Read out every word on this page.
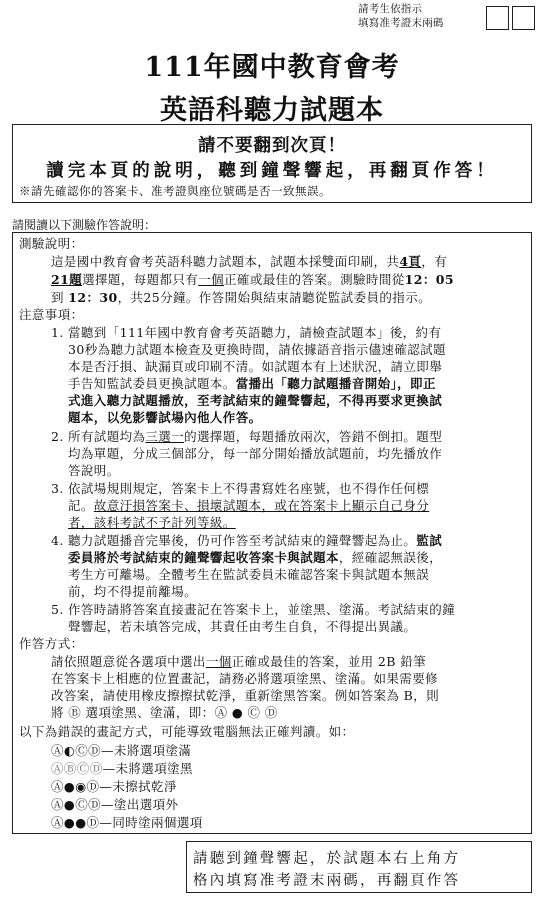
請考生依指示
填寫准考證末兩碼
111年國中教育會考
英語科聽力試題本
請不要翻到次頁！
讀完本頁的說明，聽到鐘聲響起，再翻頁作答！
※請先確認你的答案卡、准考證與座位號碼是否一致無誤。
請閱讀以下測驗作答說明：
測驗說明：
這是國中教育會考英語科聽力試題本，試題本採雙面印刷，共4頁，有
21題選擇題，每題都只有一個正確或最佳的答案。測驗時間從12：05
到 12：30，共25分鐘。作答開始與結束請聽從監試委員的指示。
注意事項：
1. 當聽到「111年國中教育會考英語聽力，請檢查試題本」後，約有
30秒為聽力試題本檢查及更換時間，請依據語音指示儘速確認試題
本是否汙損、缺漏頁或印刷不清。如試題本有上述狀況，請立即舉
手告知監試委員更換試題本。當播出「聽力試題播音開始」，即正
式進入聽力試題播放，至考試結束的鐘聲響起，不得再要求更換試
題本，以免影響試場內他人作答。
2. 所有試題均為三選一的選擇題，每題播放兩次，答錯不倒扣。題型
均為單題，分成三個部分，每一部分開始播放試題前，均先播放作
答說明。
3. 依試場規則規定，答案卡上不得書寫姓名座號，也不得作任何標
記。故意汙損答案卡、損壞試題本，或在答案卡上顯示自己身分
者，該科考試不予計列等級。
4. 聽力試題播音完畢後，仍可作答至考試結束的鐘聲響起為止。監試
委員將於考試結束的鐘聲響起收答案卡與試題本，經確認無誤後，
考生方可離場。全體考生在監試委員未確認答案卡與試題本無誤
前，均不得提前離場。
5. 作答時請將答案直接畫記在答案卡上，並塗黑、塗滿。考試結束的鐘
聲響起，若未填答完成，其責任由考生自負，不得提出異議。
作答方式：
請依照題意從各選項中選出一個正確或最佳的答案，並用 2B 鉛筆
在答案卡上相應的位置畫記，請務必將選項塗黑、塗滿。如果需要修
改答案，請使用橡皮擦擦拭乾淨，重新塗黑答案。例如答案為 B，則
將 Ⓑ 選項塗黑、塗滿，即：Ⓐ ● Ⓒ Ⓓ
以下為錯誤的畫記方式，可能導致電腦無法正確判讀。如：
Ⓐ◐ⒸⒹ—未將選項塗滿
ⒶⒷⒸⒹ—未將選項塗黑
Ⓐ●◉Ⓓ—未擦拭乾淨
Ⓐ●ⒸⒹ—塗出選項外
Ⓐ●●Ⓓ—同時塗兩個選項
請聽到鐘聲響起，於試題本右上角方
格內填寫准考證末兩碼，再翻頁作答
